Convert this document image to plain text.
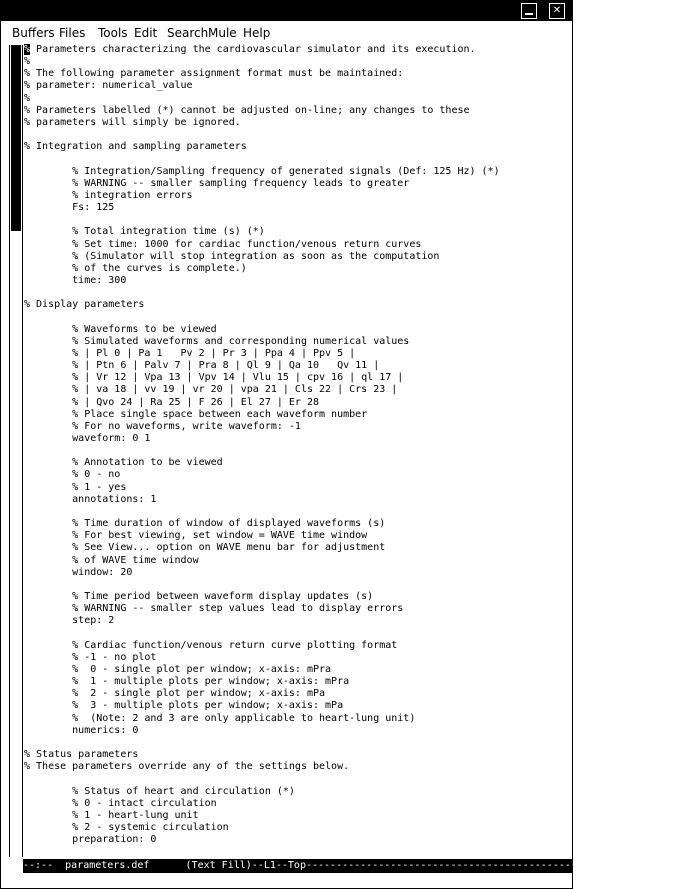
✕
Buffers Files Tools Edit Search Mule Help
% Parameters characterizing the cardiovascular simulator and its execution.
%
% The following parameter assignment format must be maintained:
% parameter: numerical_value
%
% Parameters labelled (*) cannot be adjusted on-line; any changes to these
% parameters will simply be ignored.
% Integration and sampling parameters
% Integration/Sampling frequency of generated signals (Def: 125 Hz) (*)
% WARNING -- smaller sampling frequency leads to greater
% integration errors
Fs: 125
% Total integration time (s) (*)
% Set time: 1000 for cardiac function/venous return curves
% (Simulator will stop integration as soon as the computation
% of the curves is complete.)
time: 300
% Display parameters
% Waveforms to be viewed
% Simulated waveforms and corresponding numerical values
% | Pl 0 | Pa 1   Pv 2 | Pr 3 | Ppa 4 | Ppv 5 |
% | Ptn 6 | Palv 7 | Pra 8 | Ql 9 | Qa 10   Qv 11 |
% | Vr 12 | Vpa 13 | Vpv 14 | Vlu 15 | cpv 16 | ql 17 |
% | va 18 | vv 19 | vr 20 | vpa 21 | Cls 22 | Crs 23 |
% | Qvo 24 | Ra 25 | F 26 | El 27 | Er 28
% Place single space between each waveform number
% For no waveforms, write waveform: -1
waveform: 0 1
% Annotation to be viewed
% 0 - no
% 1 - yes
annotations: 1
% Time duration of window of displayed waveforms (s)
% For best viewing, set window = WAVE time window
% See View... option on WAVE menu bar for adjustment
% of WAVE time window
window: 20
% Time period between waveform display updates (s)
% WARNING -- smaller step values lead to display errors
step: 2
% Cardiac function/venous return curve plotting format
% -1 - no plot
%  0 - single plot per window; x-axis: mPra
%  1 - multiple plots per window; x-axis: mPra
%  2 - single plot per window; x-axis: mPa
%  3 - multiple plots per window; x-axis: mPa
%  (Note: 2 and 3 are only applicable to heart-lung unit)
numerics: 0
% Status parameters
% These parameters override any of the settings below.
% Status of heart and circulation (*)
% 0 - intact circulation
% 1 - heart-lung unit
% 2 - systemic circulation
preparation: 0
--:--  parameters.def      (Text Fill)--L1--Top--------------------------------------------------------------
